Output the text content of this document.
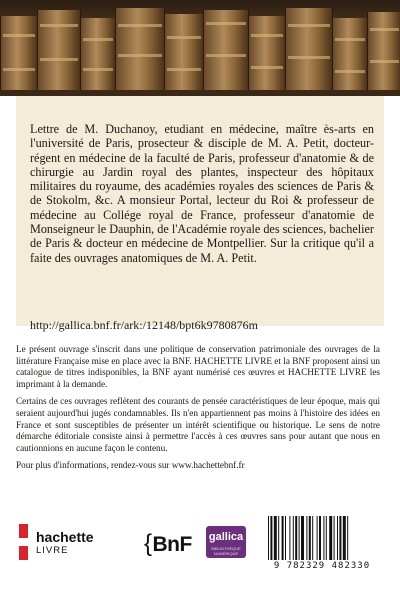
Lettre de M. Duchanoy, etudiant en médecine, maître ès-arts en l'université de Paris, prosecteur & disciple de M. A. Petit, docteur-régent en médecine de la faculté de Paris, professeur d'anatomie & de chirurgie au Jardin royal des plantes, inspecteur des hôpitaux militaires du royaume, des académies royales des sciences de Paris & de Stokolm, &c. A monsieur Portal, lecteur du Roi & professeur de médecine au Collége royal de France, professeur d'anatomie de Monseigneur le Dauphin, de l'Académie royale des sciences, bachelier de Paris & docteur en médecine de Montpellier. Sur la critique qu'il a faite des ouvrages anatomiques de M. A. Petit.

http://gallica.bnf.fr/ark:/12148/bpt6k9780876m

Le présent ouvrage s'inscrit dans une politique de conservation patrimoniale des ouvrages de la littérature Française mise en place avec la BNF. HACHETTE LIVRE et la BNF proposent ainsi un catalogue de titres indisponibles, la BNF ayant numérisé ces œuvres et HACHETTE LIVRE les imprimant à la demande.

Certains de ces ouvrages reflètent des courants de pensée caractéristiques de leur époque, mais qui seraient aujourd'hui jugés condamnables. Ils n'en appartiennent pas moins à l'histoire des idées en France et sont susceptibles de présenter un intérêt scientifique ou historique. Le sens de notre démarche éditoriale consiste ainsi à permettre l'accès à ces œuvres sans pour autant que nous en cautionnions en aucune façon le contenu.

Pour plus d'informations, rendez-vous sur www.hachettebnf.fr

hachette
LIVRE	{BnF gallica
BIBLIOTHÈQUE NUMÉRIQUE
9 782329 482330
